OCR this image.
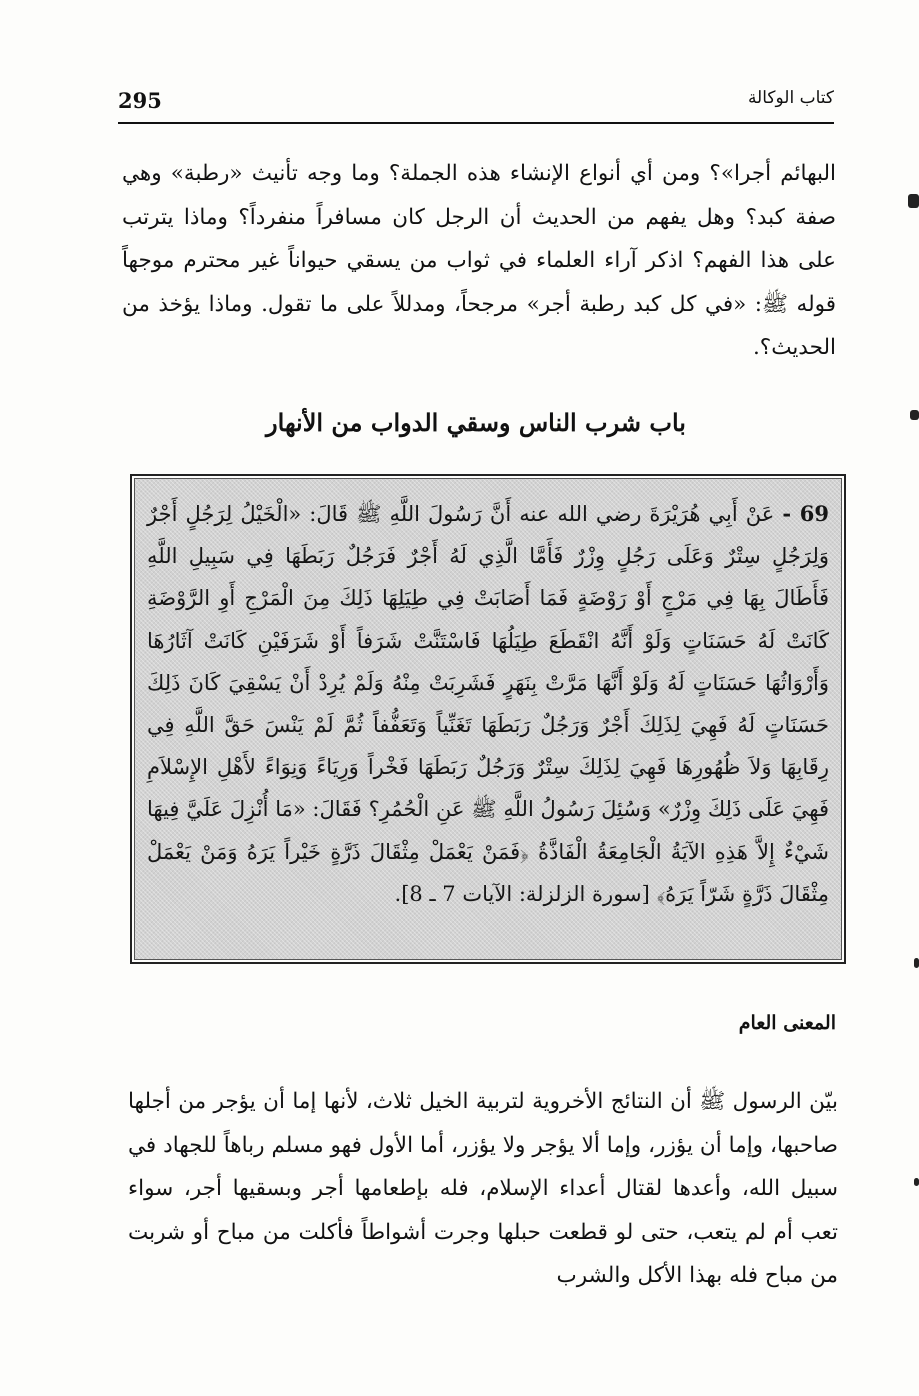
295	كتاب الوكالة
البهائم أجرا»؟ ومن أي أنواع الإنشاء هذه الجملة؟ وما وجه تأنيث «رطبة» وهي صفة كبد؟ وهل يفهم من الحديث أن الرجل كان مسافراً منفرداً؟ وماذا يترتب على هذا الفهم؟ اذكر آراء العلماء في ثواب من يسقي حيواناً غير محترم موجهاً قوله ﷺ: «في كل كبد رطبة أجر» مرجحاً، ومدللاً على ما تقول. وماذا يؤخذ من الحديث؟.
باب شرب الناس وسقي الدواب من الأنهار
69 - عَنْ أَبِي هُرَيْرَةَ رضي الله عنه أَنَّ رَسُولَ اللَّهِ ﷺ قَالَ: «الْخَيْلُ لِرَجُلٍ أَجْرٌ وَلِرَجُلٍ سِتْرٌ وَعَلَى رَجُلٍ وِزْرٌ فَأَمَّا الَّذِي لَهُ أَجْرٌ فَرَجُلٌ رَبَطَهَا فِي سَبِيلِ اللَّهِ فَأَطَالَ بِهَا فِي مَرْجٍ أَوْ رَوْضَةٍ فَمَا أَصَابَتْ فِي طِيَلِهَا ذَلِكَ مِنَ الْمَرْجِ أَوِ الرَّوْضَةِ كَانَتْ لَهُ حَسَنَاتٍ وَلَوْ أَنَّهُ انْقَطَعَ طِيَلُهَا فَاسْتَنَّتْ شَرَفاً أَوْ شَرَفَيْنِ كَانَتْ آثَارُهَا وَأَرْوَاثُهَا حَسَنَاتٍ لَهُ وَلَوْ أَنَّهَا مَرَّتْ بِنَهَرٍ فَشَرِبَتْ مِنْهُ وَلَمْ يُرِدْ أَنْ يَسْقِيَ كَانَ ذَلِكَ حَسَنَاتٍ لَهُ فَهِيَ لِذَلِكَ أَجْرٌ وَرَجُلٌ رَبَطَهَا تَغَنِّياً وَتَعَفُّفاً ثُمَّ لَمْ يَنْسَ حَقَّ اللَّهِ فِي رِقَابِهَا وَلاَ ظُهُورِهَا فَهِيَ لِذَلِكَ سِتْرٌ وَرَجُلٌ رَبَطَهَا فَخْراً وَرِيَاءً وَنِوَاءً لأَهْلِ الإِسْلاَمِ فَهِيَ عَلَى ذَلِكَ وِزْرٌ» وَسُئِلَ رَسُولُ اللَّهِ ﷺ عَنِ الْحُمُرِ؟ فَقَالَ: «مَا أُنْزِلَ عَلَيَّ فِيهَا شَيْءٌ إِلاَّ هَذِهِ الآيَةُ الْجَامِعَةُ الْفَاذَّةُ ﴿فَمَنْ يَعْمَلْ مِثْقَالَ ذَرَّةٍ خَيْراً يَرَهُ وَمَنْ يَعْمَلْ مِثْقَالَ ذَرَّةٍ شَرّاً يَرَهُ﴾ [سورة الزلزلة: الآيات 7 ـ 8].
المعنى العام
بيّن الرسول ﷺ أن النتائج الأخروية لتربية الخيل ثلاث، لأنها إما أن يؤجر من أجلها صاحبها، وإما أن يؤزر، وإما ألا يؤجر ولا يؤزر، أما الأول فهو مسلم رباهاً للجهاد في سبيل الله، وأعدها لقتال أعداء الإسلام، فله بإطعامها أجر وبسقيها أجر، سواء تعب أم لم يتعب، حتى لو قطعت حبلها وجرت أشواطاً فأكلت من مباح أو شربت من مباح فله بهذا الأكل والشرب
